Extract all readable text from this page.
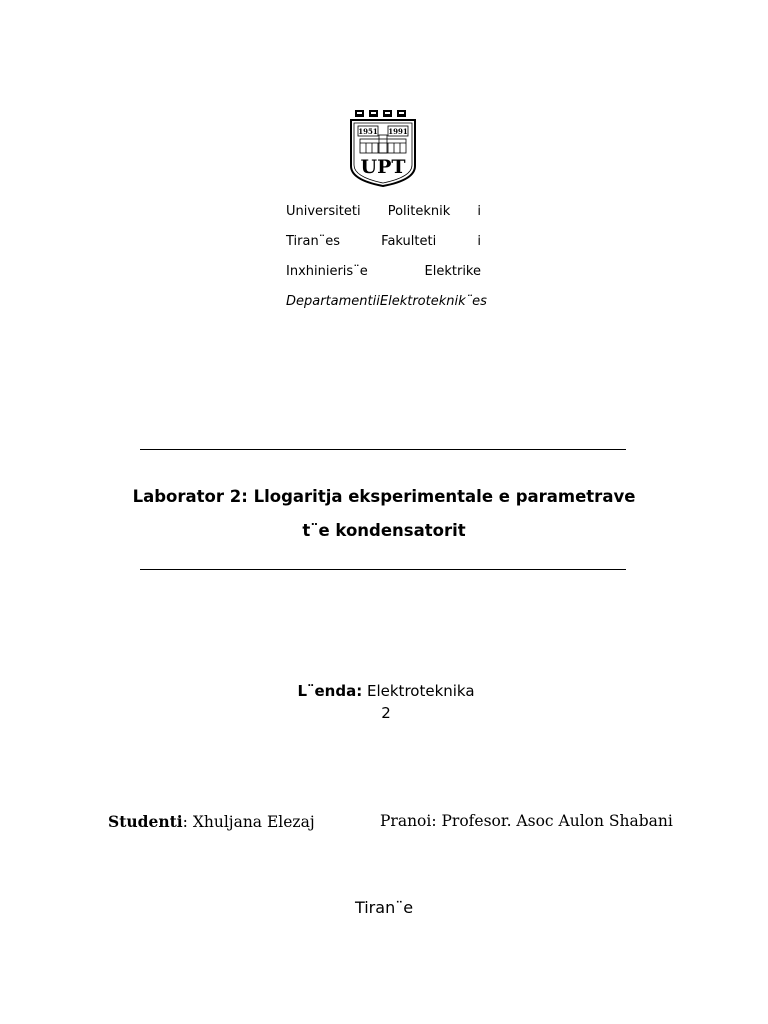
1951 1991
UPT
Universiteti Politeknik i
Tiran¨es	Fakulteti	i
Inxhinieris¨e	Elektrike
Departamenti i Elektroteknik¨es
Laborator 2: Llogaritja eksperimentale e parametrave
t¨e kondensatorit
L¨enda: Elektroteknika
2
Studenti: Xhuljana Elezaj	Pranoi: Profesor. Asoc Aulon Shabani
Tiran¨e
